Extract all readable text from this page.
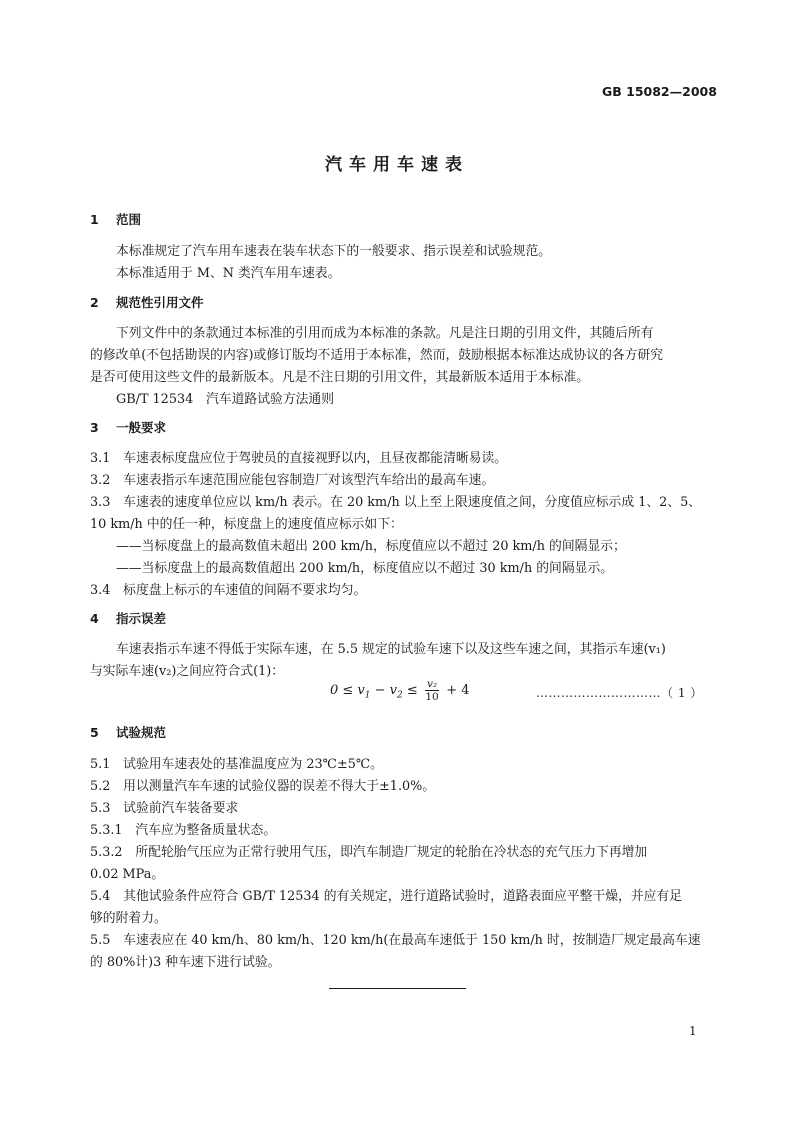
GB 15082—2008
汽车用车速表
1 范围
本标准规定了汽车用车速表在装车状态下的一般要求、指示误差和试验规范。
本标准适用于 M、N 类汽车用车速表。
2 规范性引用文件
下列文件中的条款通过本标准的引用而成为本标准的条款。凡是注日期的引用文件，其随后所有
的修改单(不包括勘误的内容)或修订版均不适用于本标准，然而，鼓励根据本标准达成协议的各方研究
是否可使用这些文件的最新版本。凡是不注日期的引用文件，其最新版本适用于本标准。
GB/T 12534　汽车道路试验方法通则
3 一般要求
3.1　车速表标度盘应位于驾驶员的直接视野以内，且昼夜都能清晰易读。
3.2　车速表指示车速范围应能包容制造厂对该型汽车给出的最高车速。
3.3　车速表的速度单位应以 km/h 表示。在 20 km/h 以上至上限速度值之间，分度值应标示成 1、2、5、
10 km/h 中的任一种，标度盘上的速度值应标示如下：
——当标度盘上的最高数值未超出 200 km/h，标度值应以不超过 20 km/h 的间隔显示；
——当标度盘上的最高数值超出 200 km/h，标度值应以不超过 30 km/h 的间隔显示。
3.4　标度盘上标示的车速值的间隔不要求均匀。
4 指示误差
车速表指示车速不得低于实际车速，在 5.5 规定的试验车速下以及这些车速之间，其指示车速(v₁)
与实际车速(v₂)之间应符合式(1)：
$0 \le v_1 - v_2 \le \frac{\text{v₂}}{10} + 4$	…………………………（ 1 ）
5 试验规范
5.1　试验用车速表处的基准温度应为 23℃±5℃。
5.2　用以测量汽车车速的试验仪器的误差不得大于±1.0%。
5.3　试验前汽车装备要求
5.3.1　汽车应为整备质量状态。
5.3.2　所配轮胎气压应为正常行驶用气压，即汽车制造厂规定的轮胎在冷状态的充气压力下再增加
0.02 MPa。
5.4　其他试验条件应符合 GB/T 12534 的有关规定，进行道路试验时，道路表面应平整干燥，并应有足
够的附着力。
5.5　车速表应在 40 km/h、80 km/h、120 km/h(在最高车速低于 150 km/h 时，按制造厂规定最高车速
的 80%计)3 种车速下进行试验。
1
